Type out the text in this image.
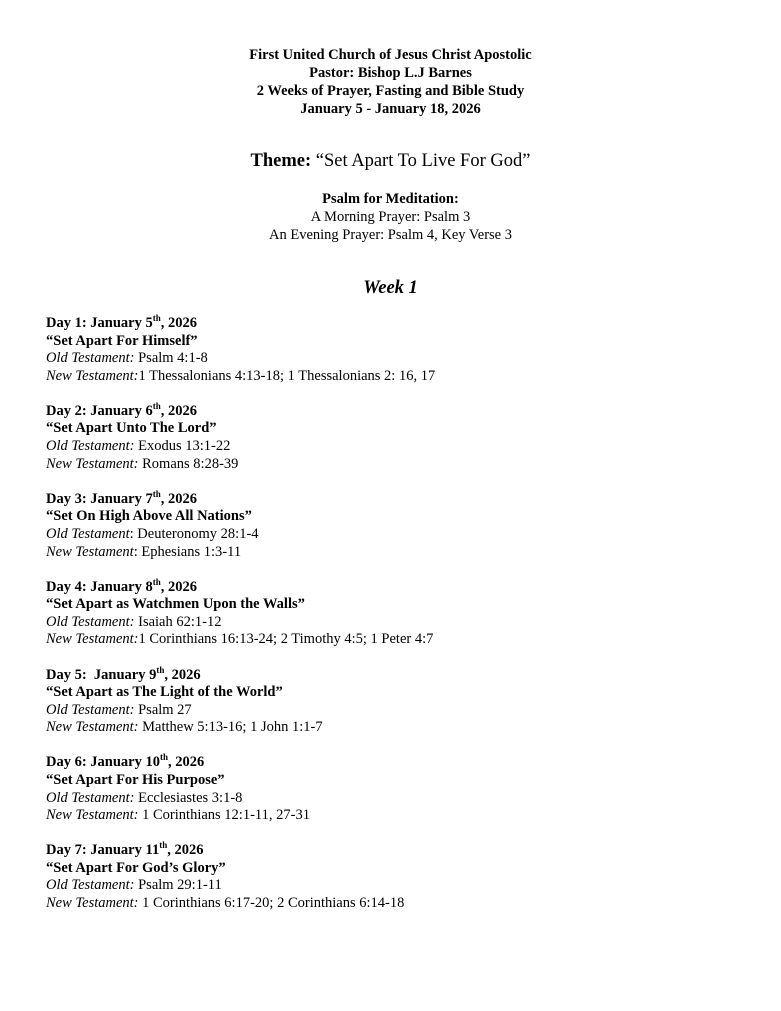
First United Church of Jesus Christ Apostolic
Pastor: Bishop L.J Barnes
2 Weeks of Prayer, Fasting and Bible Study
January 5 - January 18, 2026
Theme: “Set Apart To Live For God”
Psalm for Meditation:
A Morning Prayer: Psalm 3
An Evening Prayer: Psalm 4, Key Verse 3
Week 1
Day 1: January 5th, 2026
“Set Apart For Himself”
Old Testament: Psalm 4:1-8
New Testament:1 Thessalonians 4:13-18; 1 Thessalonians 2: 16, 17
Day 2: January 6th, 2026
“Set Apart Unto The Lord”
Old Testament: Exodus 13:1-22
New Testament: Romans 8:28-39
Day 3: January 7th, 2026
“Set On High Above All Nations”
Old Testament: Deuteronomy 28:1-4
New Testament: Ephesians 1:3-11
Day 4: January 8th, 2026
“Set Apart as Watchmen Upon the Walls”
Old Testament: Isaiah 62:1-12
New Testament:1 Corinthians 16:13-24; 2 Timothy 4:5; 1 Peter 4:7
Day 5:  January 9th, 2026
“Set Apart as The Light of the World”
Old Testament: Psalm 27
New Testament: Matthew 5:13-16; 1 John 1:1-7
Day 6: January 10th, 2026
“Set Apart For His Purpose”
Old Testament: Ecclesiastes 3:1-8
New Testament: 1 Corinthians 12:1-11, 27-31
Day 7: January 11th, 2026
“Set Apart For God’s Glory”
Old Testament: Psalm 29:1-11
New Testament: 1 Corinthians 6:17-20; 2 Corinthians 6:14-18
